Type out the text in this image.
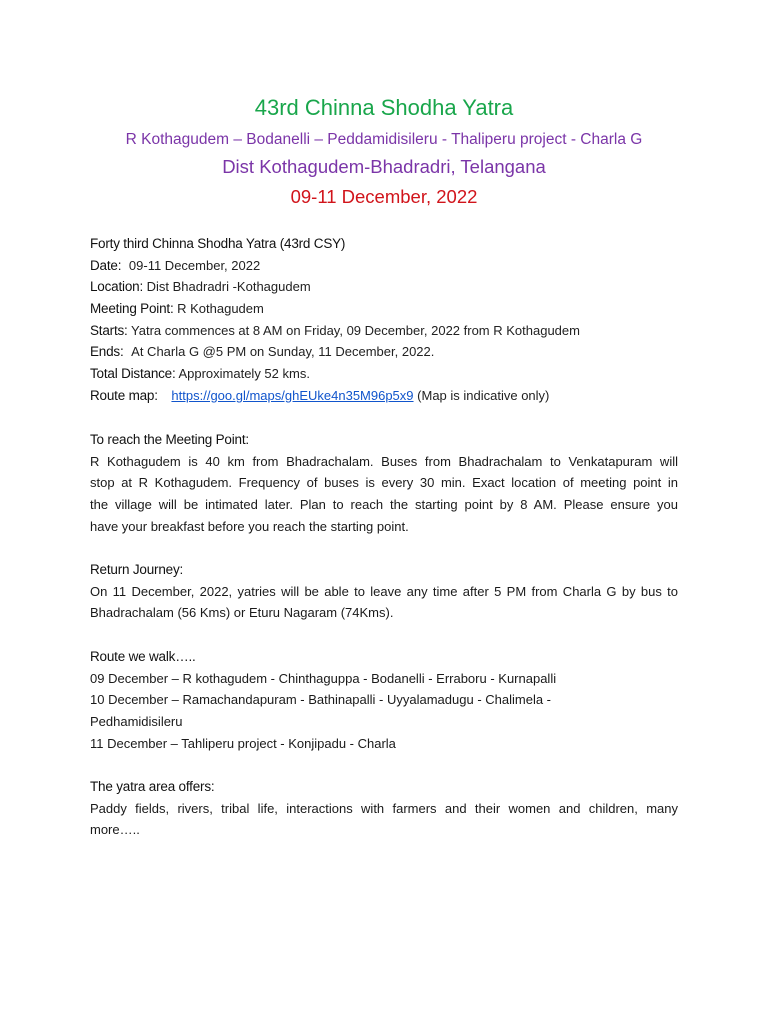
43rd Chinna Shodha Yatra
R Kothagudem – Bodanelli – Peddamidisileru - Thaliperu project - Charla G
Dist Kothagudem-Bhadradri, Telangana
09-11 December, 2022
Forty third Chinna Shodha Yatra (43rd CSY)
Date: 09-11 December, 2022
Location: Dist Bhadradri -Kothagudem
Meeting Point: R Kothagudem
Starts: Yatra commences at 8 AM on Friday, 09 December, 2022 from R Kothagudem
Ends: At Charla G @5 PM on Sunday, 11 December, 2022.
Total Distance: Approximately 52 kms.
Route map: https://goo.gl/maps/ghEUke4n35M96p5x9 (Map is indicative only)
To reach the Meeting Point:
R Kothagudem is 40 km from Bhadrachalam. Buses from Bhadrachalam to Venkatapuram will
stop at R Kothagudem. Frequency of buses is every 30 min. Exact location of meeting point in
the village will be intimated later. Plan to reach the starting point by 8 AM. Please ensure you
have your breakfast before you reach the starting point.
Return Journey:
On 11 December, 2022, yatries will be able to leave any time after 5 PM from Charla G by bus to
Bhadrachalam (56 Kms) or Eturu Nagaram (74Kms).
Route we walk…..
09 December – R kothagudem - Chinthaguppa - Bodanelli - Erraboru - Kurnapalli
10 December – Ramachandapuram - Bathinapalli - Uyyalamadugu - Chalimela -
Pedhamidisileru
11 December – Tahliperu project - Konjipadu - Charla
The yatra area offers:
Paddy fields, rivers, tribal life, interactions with farmers and their women and children, many
more…..
